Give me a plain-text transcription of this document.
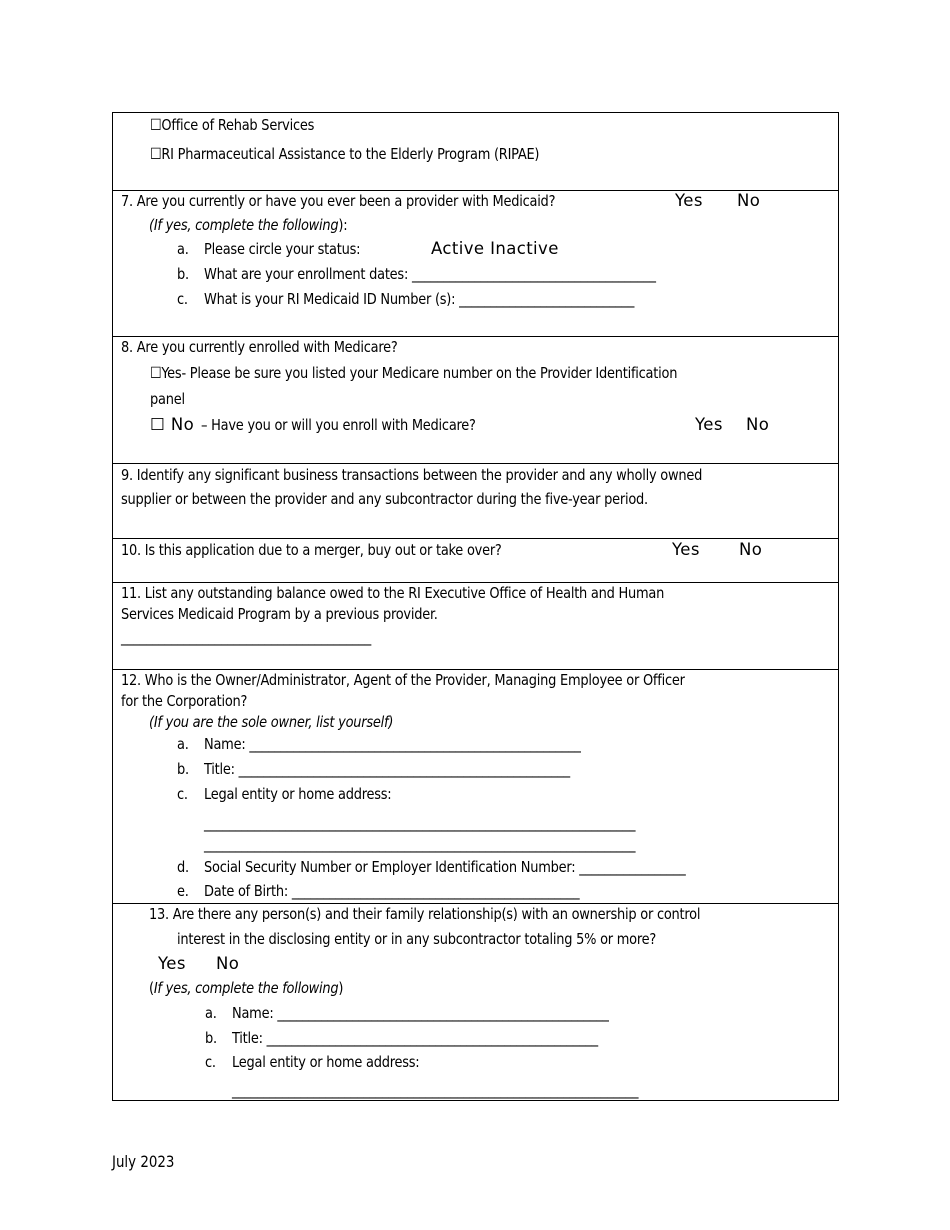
☐Office of Rehab Services
☐RI Pharmaceutical Assistance to the Elderly Program (RIPAE)
7. Are you currently or have you ever been a provider with Medicaid?	Yes No
(If yes, complete the following):
a. Please circle your status:	Active Inactive
b. What are your enrollment dates: _______________________________________
c. What is your RI Medicaid ID Number (s): ____________________________
8. Are you currently enrolled with Medicare?
☐Yes- Please be sure you listed your Medicare number on the Provider Identification
panel
☐ No – Have you or will you enroll with Medicare?	Yes No
9. Identify any significant business transactions between the provider and any wholly owned
supplier or between the provider and any subcontractor during the five-year period.
10. Is this application due to a merger, buy out or take over?	Yes No
11. List any outstanding balance owed to the RI Executive Office of Health and Human
Services Medicaid Program by a previous provider.
________________________________________
12. Who is the Owner/Administrator, Agent of the Provider, Managing Employee or Officer
for the Corporation?
(If you are the sole owner, list yourself)
a. Name: _____________________________________________________
b. Title: _____________________________________________________
c. Legal entity or home address:
_____________________________________________________________________
_____________________________________________________________________
d. Social Security Number or Employer Identification Number: _________________
e. Date of Birth: ______________________________________________
13. Are there any person(s) and their family relationship(s) with an ownership or control
interest in the disclosing entity or in any subcontractor totaling 5% or more?
Yes No
(If yes, complete the following)
a. Name: _____________________________________________________
b. Title: _____________________________________________________
c. Legal entity or home address:
_________________________________________________________________
July 2023
